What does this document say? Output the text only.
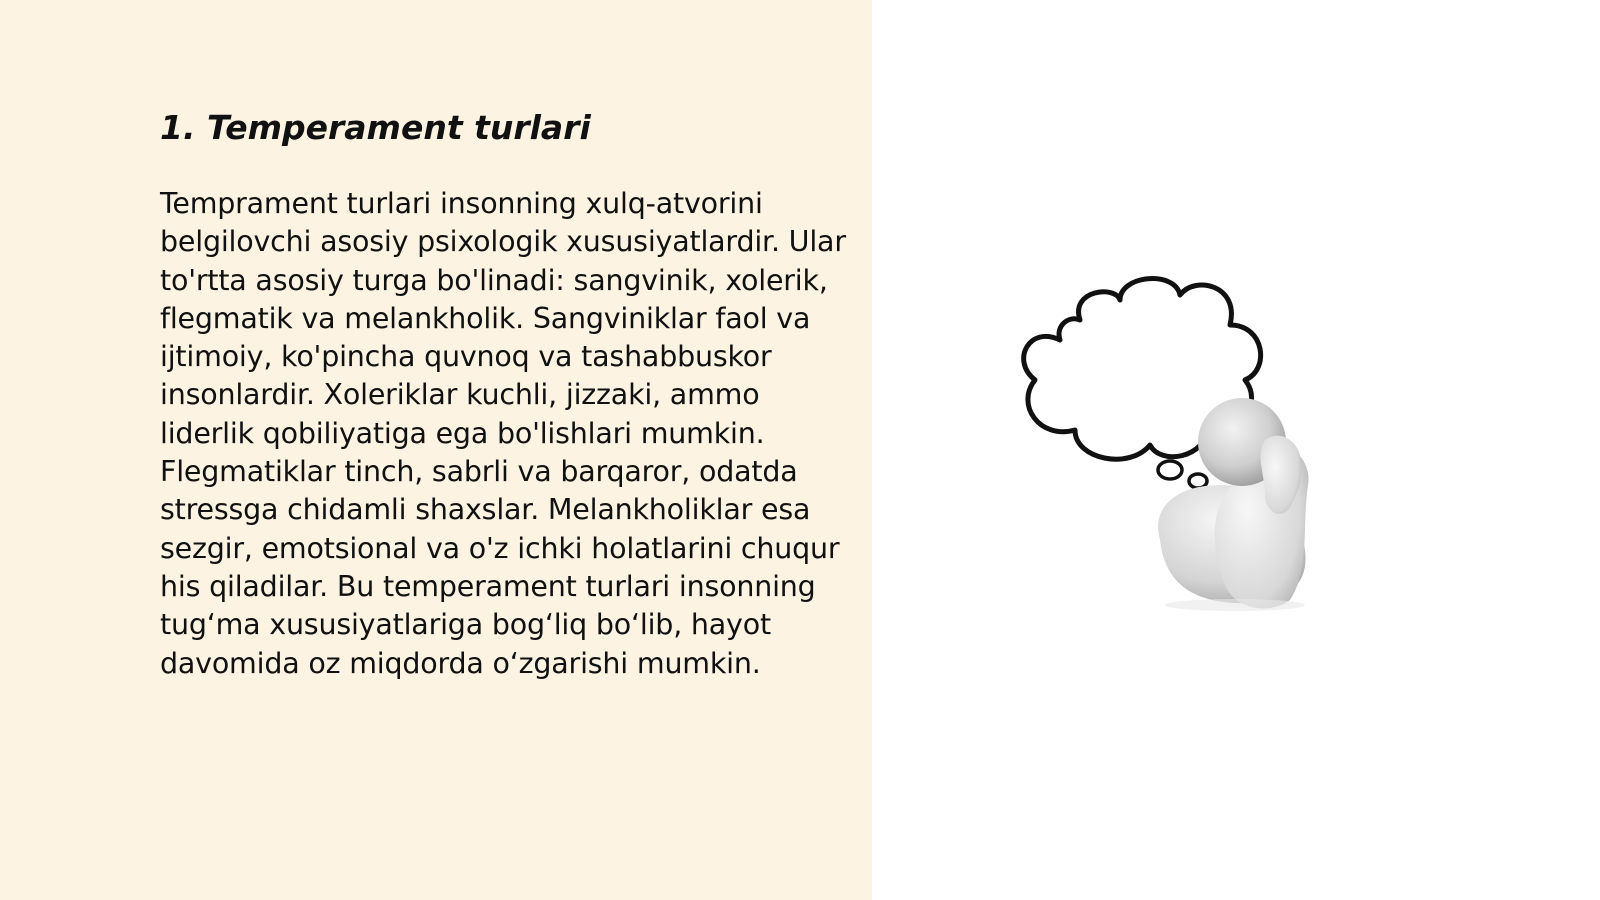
1. Temperament turlari

Temprament turlari insonning xulq-atvorini belgilovchi asosiy psixologik xususiyatlardir. Ular to'rtta asosiy turga bo'linadi: sangvinik, xolerik, flegmatik va melankholik. Sangviniklar faol va ijtimoiy, ko'pincha quvnoq va tashabbuskor insonlardir. Xoleriklar kuchli, jizzaki, ammo liderlik qobiliyatiga ega bo'lishlari mumkin. Flegmatiklar tinch, sabrli va barqaror, odatda stressga chidamli shaxslar. Melankholiklar esa sezgir, emotsional va o'z ichki holatlarini chuqur his qiladilar. Bu temperament turlari insonning tug‘ma xususiyatlariga bog‘liq bo‘lib, hayot davomida oz miqdorda o‘zgarishi mumkin.
